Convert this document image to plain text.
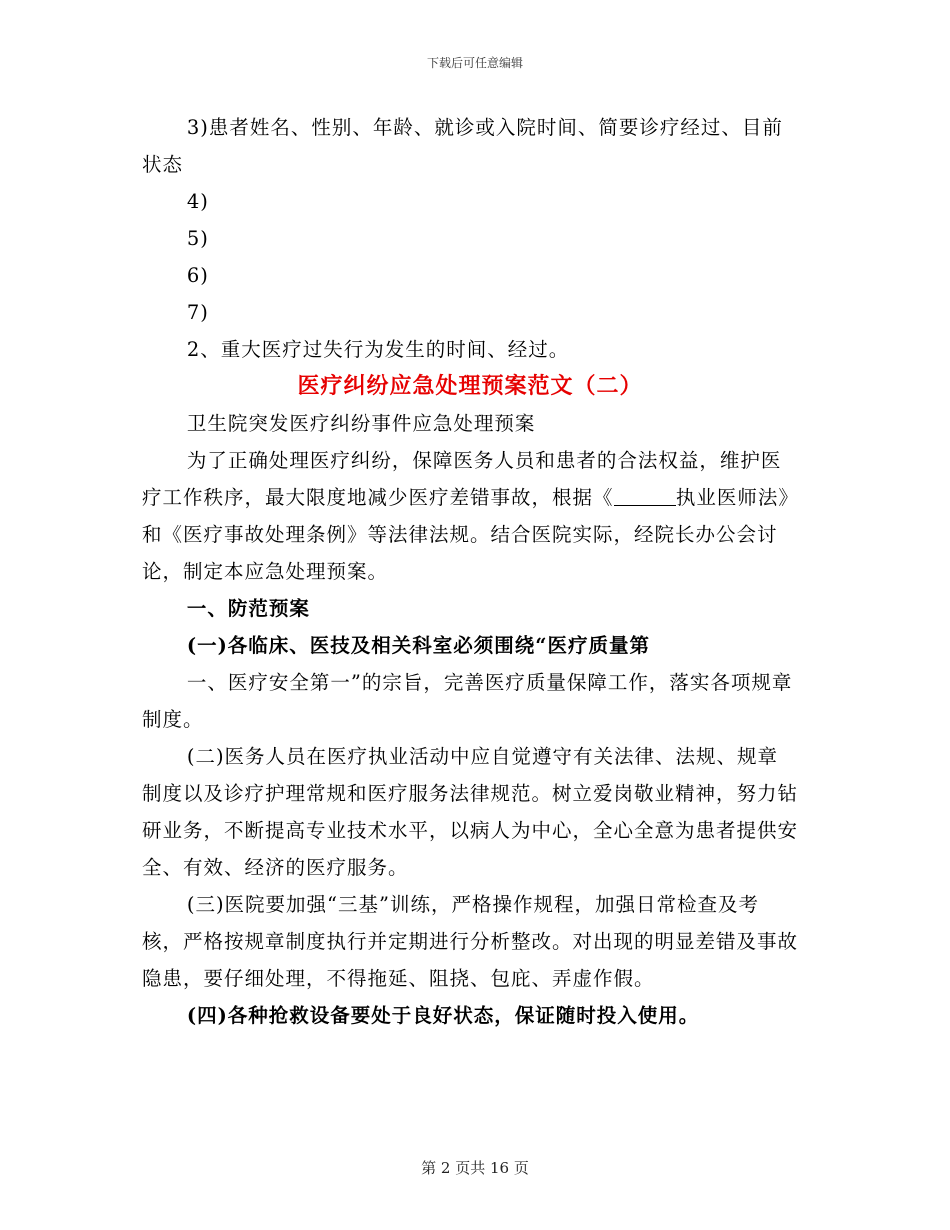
下载后可任意编辑

3)患者姓名、性别、年龄、就诊或入院时间、简要诊疗经过、目前状态

4)

5)

6)

7)

2、重大医疗过失行为发生的时间、经过。

医疗纠纷应急处理预案范文（二）

卫生院突发医疗纠纷事件应急处理预案

为了正确处理医疗纠纷，保障医务人员和患者的合法权益，维护医疗工作秩序，最大限度地减少医疗差错事故，根据《	执业医师法》和《医疗事故处理条例》等法律法规。结合医院实际，经院长办公会讨论，制定本应急处理预案。

一、防范预案

(一)各临床、医技及相关科室必须围绕“医疗质量第

一、医疗安全第一”的宗旨，完善医疗质量保障工作，落实各项规章制度。

(二)医务人员在医疗执业活动中应自觉遵守有关法律、法规、规章制度以及诊疗护理常规和医疗服务法律规范。树立爱岗敬业精神，努力钻研业务，不断提高专业技术水平，以病人为中心，全心全意为患者提供安全、有效、经济的医疗服务。

(三)医院要加强“三基”训练，严格操作规程，加强日常检查及考核，严格按规章制度执行并定期进行分析整改。对出现的明显差错及事故隐患，要仔细处理，不得拖延、阻挠、包庇、弄虚作假。

(四)各种抢救设备要处于良好状态，保证随时投入使用。

第 2 页共 16 页
